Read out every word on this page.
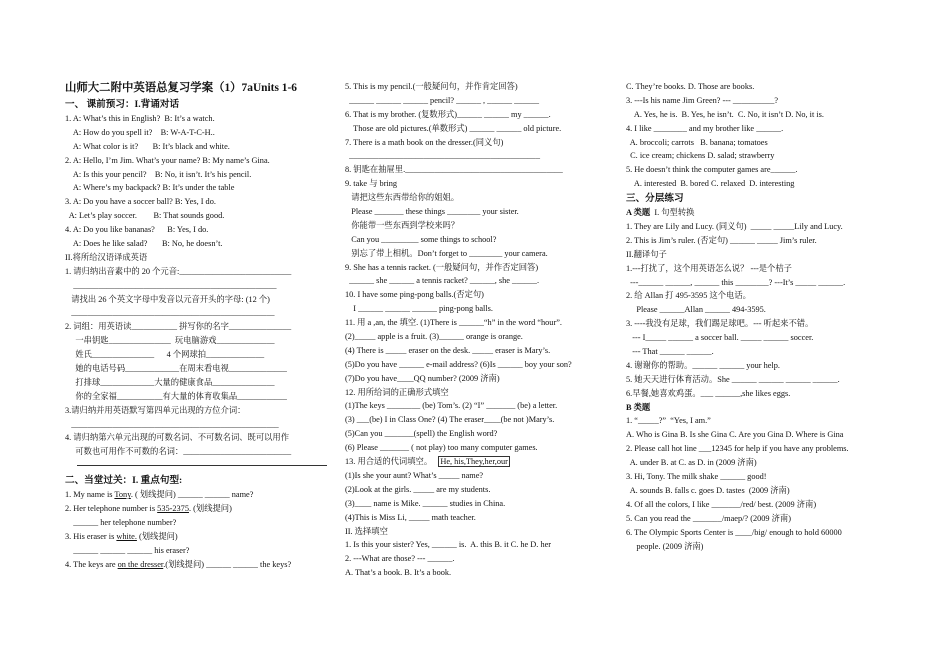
山师大二附中英语总复习学案（1）7aUnits 1-6
一、 课前预习：I.背诵对话
1. A: What’s this in English?  B: It’s a watch.
A: How do you spell it?    B: W-A-T-C-H..
A: What color is it?       B: It’s black and white.
2. A: Hello, I’m Jim. What’s your name? B: My name’s Gina.
A: Is this your pencil?    B: No, it isn’t. It’s his pencil.
A: Where’s my backpack? B: It’s under the table
3. A: Do you have a soccer ball? B: Yes, I do.
A: Let’s play soccer.        B: That sounds good.
4. A: Do you like bananas?      B: Yes, I do.
A: Does he like salad?       B: No, he doesn’t.
II.将所给汉语译成英语
1. 请归纳出音素中的 20 个元音:___________________________
_________________________________________________
请找出 26 个英文字母中发音以元音开头的字母: (12 个)
_________________________________________________
2. 词组：用英语读___________ 拼写你的名字_______________
一串钥匙_______________  玩电脑游戏______________
姓氏_______________      4 个网球拍______________
她的电话号码_____________在周末看电视______________
打排球_____________大量的健康食品_______________
你的全家福___________有大量的体育收集品____________
3.请归纳并用英语默写第四单元出现的方位介词：
__________________________________________________
4. 请归纳第六单元出现的可数名词、不可数名词、既可以用作
可数也可用作不可数的名词：__________________________
二、当堂过关：I. 重点句型:
1. My name is Tony. ( 划线提问) ______ ______ name?
2. Her telephone number is 535-2375. (划线提问)
______ her telephone number?
3. His eraser is white. (划线提问)
______ ______ ______ his eraser?
4. The keys are on the dresser.(划线提问) ______ ______ the keys?
5. This is my pencil.(一般疑问句，并作肯定回答)
______ ______ ______ pencil? ______ , ______ ______
6. That is my brother. (复数形式)______ ______ my ______.
Those are old pictures.(单数形式) ______ ______ old picture.
7. There is a math book on the dresser.(同义句)
______________________________________________
8. 钥匙在抽屉里.______________________________________
9. take 与 bring
请把这些东西带给你的姐姐。
Please _______ these things ________ your sister.
你能带一些东西到学校来吗？
Can you _________ some things to school?
别忘了带上相机。Don’t forget to ________ your camera.
9. She has a tennis racket. (一般疑问句，并作否定回答)
______ she ______ a tennis racket? ______, she ______.
10. I have some ping-pong balls.(否定句)
I ______ ______ ______ ping-pong balls.
11. 用 a ,an, the 填空. (1)There is ______“h” in the word “hour”.
(2)_____ apple is a fruit. (3)______ orange is orange.
(4) There is _____ eraser on the desk. _____ eraser is Mary’s.
(5)Do you have ______ e-mail address? (6)Is ______ boy your son?
(7)Do you have____QQ number? (2009 济南)
12. 用所给词的正确形式填空
(1)The keys ________ (be) Tom’s. (2) “I” _______ (be) a letter.
(3) ___(be) I in Class One? (4) The eraser____(be not )Mary’s.
(5)Can you _______(spell) the English word?
(6) Please _______ ( not play) too many computer games.
13. 用合适的代词填空。   He, his,They,her,our
(1)Is she your aunt? What’s _____ name?
(2)Look at the girls. _____ are my students.
(3)____ name is Mike. ______ studies in China.
(4)This is Miss Li, _____ math teacher.
II. 选择填空
1. Is this your sister? Yes, ______ is.  A. this B. it C. he D. her
2. ---What are those? --- ______.
A. That’s a book. B. It’s a book.
C. They’re books. D. Those are books.
3. ---Is his name Jim Green? --- __________?
A. Yes, he is.  B. Yes, he isn’t.  C. No, it isn’t D. No, it is.
4. I like ________ and my brother like ______.
A. broccoli; carrots   B. banana; tomatoes
C. ice cream; chickens D. salad; strawberry
5. He doesn’t think the computer games are______.
A. interested  B. bored C. relaxed  D. interesting
三、分层练习
A 类题  I. 句型转换
1. They are Lily and Lucy. (同义句)  _____ _____Lily and Lucy.
2. This is Jim’s ruler. (否定句) ______ _____ Jim’s ruler.
II.翻译句子
1.---打扰了，这个用英语怎么说？ ---是个桔子
---______ ______, ______ this ________? ---It’s _____ ______.
2. 给 Allan 打 495-3595 这个电话。
Please ______Allan ______ 494-3595.
3. ----我没有足球，我们踢足球吧。--- 听起来不错。
--- I_____ ______ a soccer ball. _____ ______ soccer.
--- That ______ ______.
4. 谢谢你的帮助。______ ______ your help.
5. 她天天进行体育活动。She ______ ______ ______ ______.
6.早餐,她喜欢鸡蛋。___ ______,she likes eggs.
B 类题
1. “_____?”  “Yes, I am.”
A. Who is Gina B. Is she Gina C. Are you Gina D. Where is Gina
2. Please call hot line ___12345 for help if you have any problems.
A. under B. at C. as D. in (2009 济南)
3. Hi, Tony. The milk shake ______ good!
A. sounds B. falls c. goes D. tastes  (2009 济南)
4. Of all the colors, I like _______/red/ best. (2009 济南)
5. Can you read the _______/maep/? (2009 济南)
6. The Olympic Sports Center is ____/big/ enough to hold 60000
people. (2009 济南)
